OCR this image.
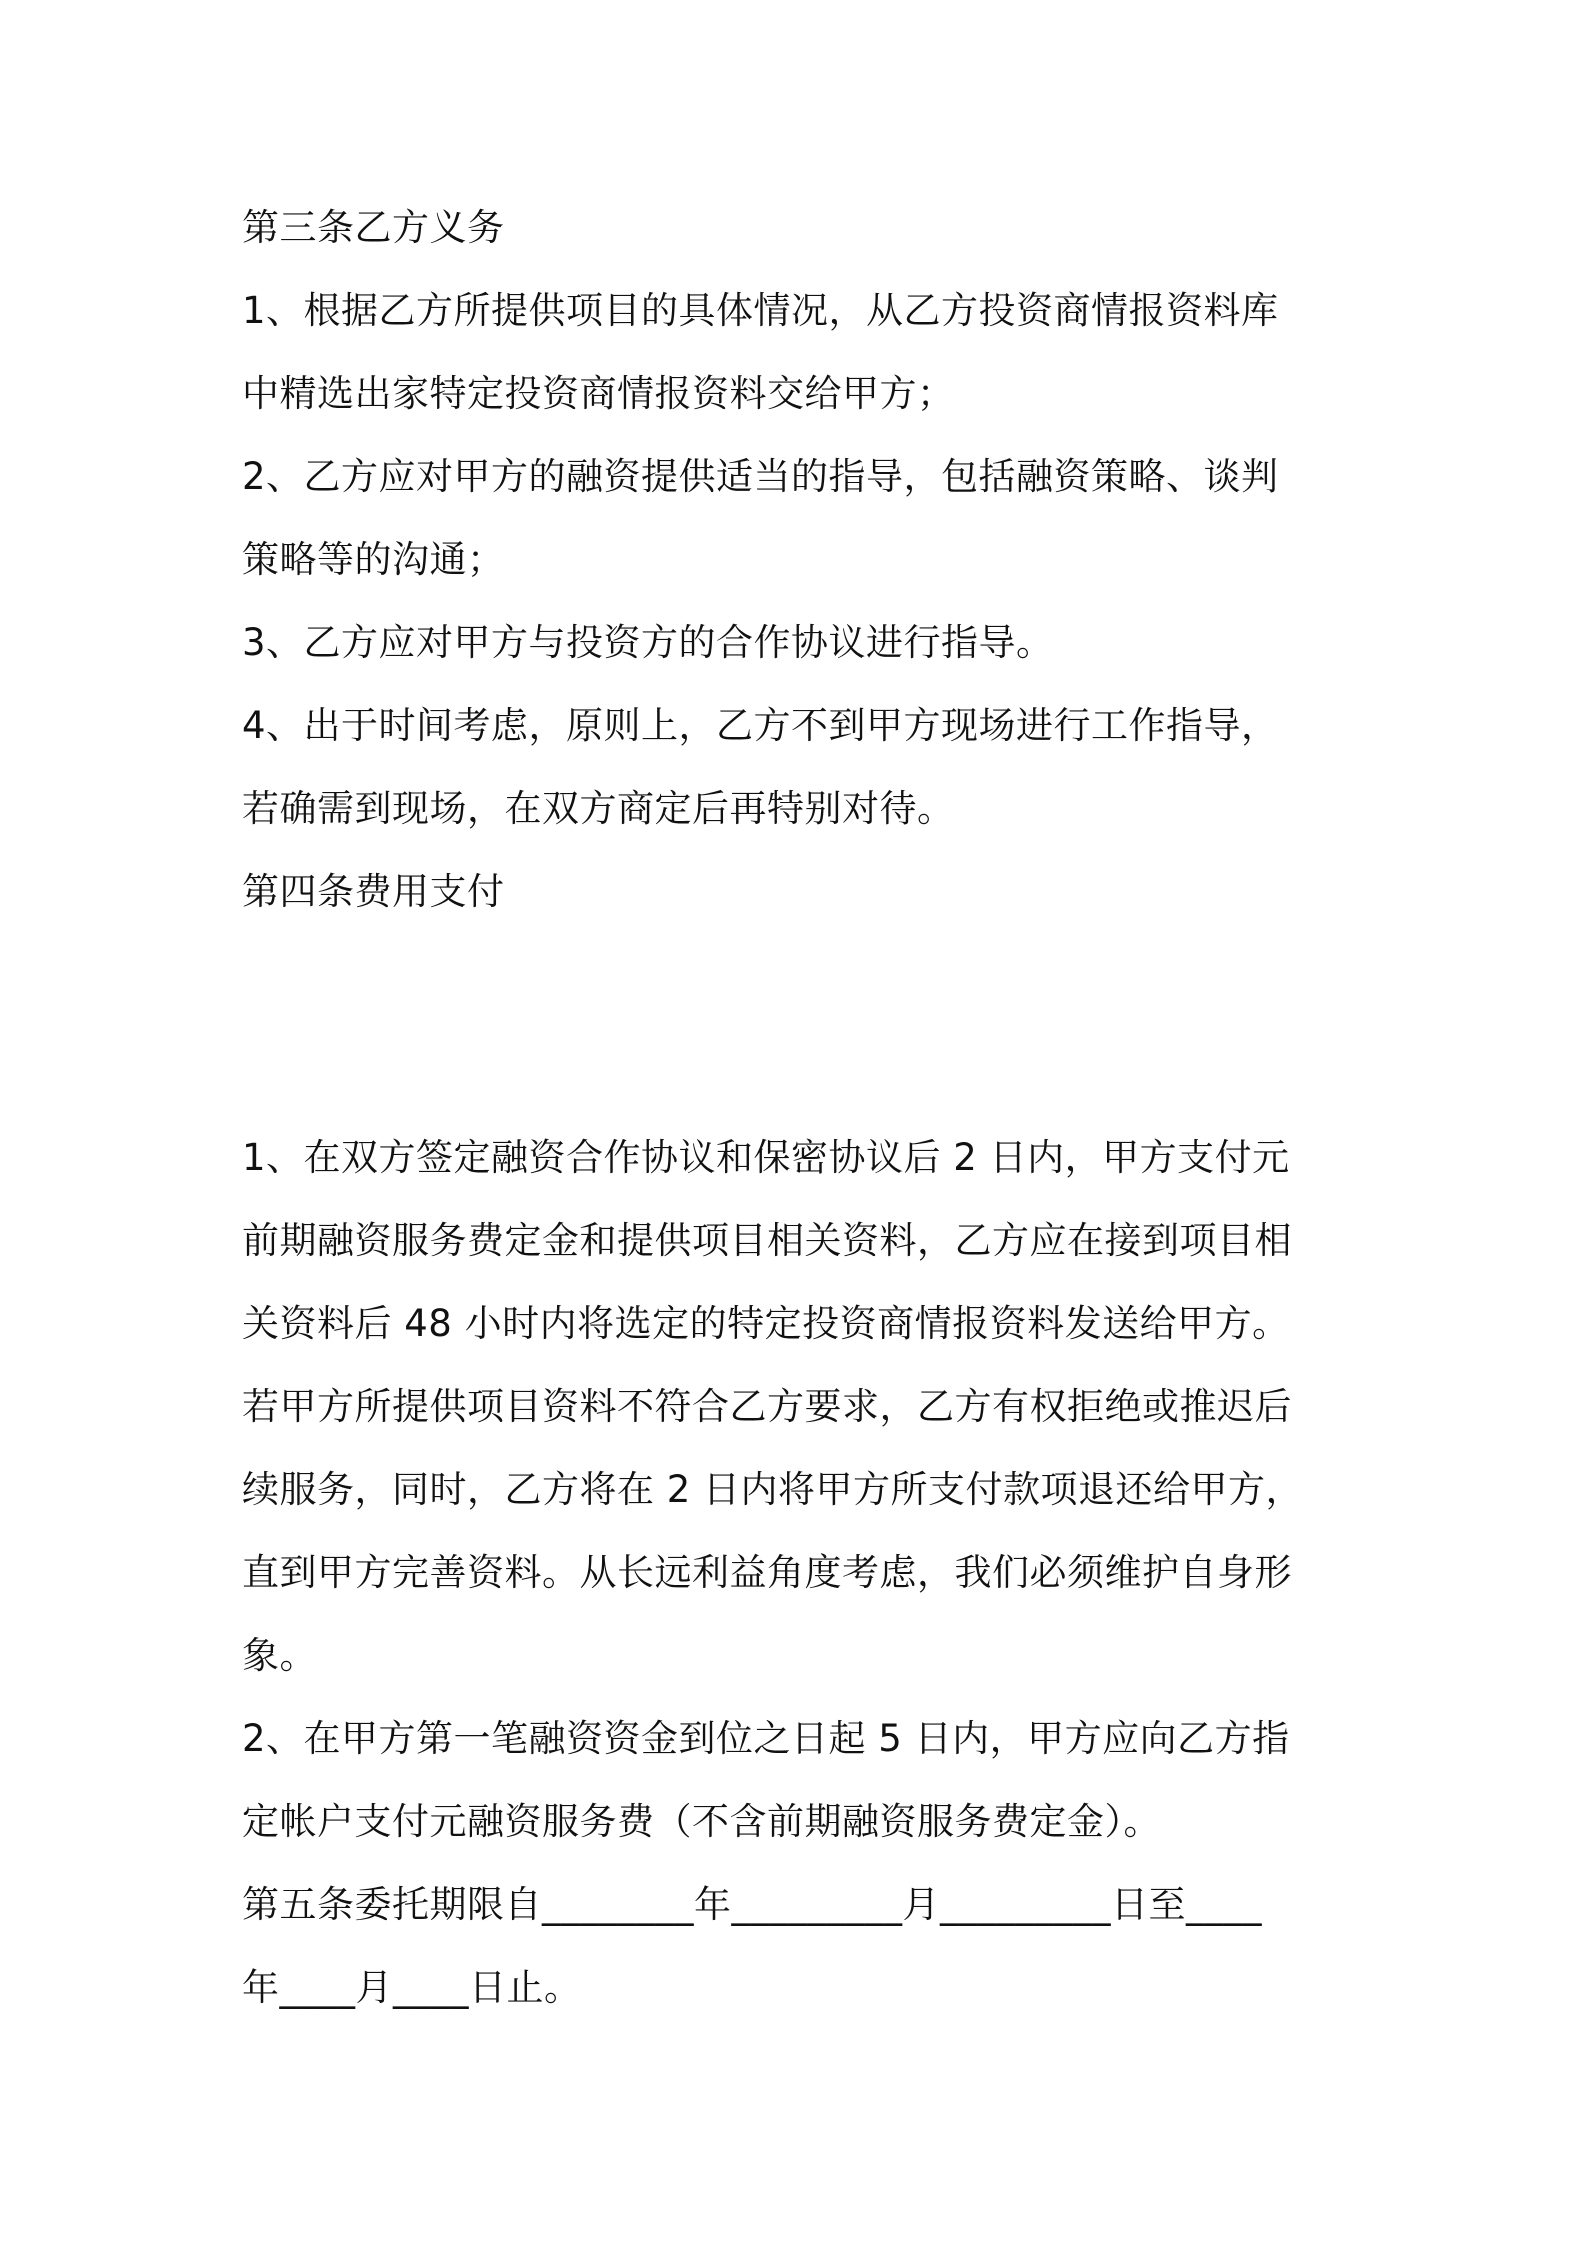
第三条乙方义务
1、根据乙方所提供项目的具体情况，从乙方投资商情报资料库
中精选出家特定投资商情报资料交给甲方；
2、乙方应对甲方的融资提供适当的指导，包括融资策略、谈判
策略等的沟通；
3、乙方应对甲方与投资方的合作协议进行指导。
4、出于时间考虑，原则上，乙方不到甲方现场进行工作指导，
若确需到现场，在双方商定后再特别对待。
第四条费用支付
1、在双方签定融资合作协议和保密协议后 2 日内，甲方支付元
前期融资服务费定金和提供项目相关资料，乙方应在接到项目相
关资料后 48 小时内将选定的特定投资商情报资料发送给甲方。
若甲方所提供项目资料不符合乙方要求，乙方有权拒绝或推迟后
续服务，同时，乙方将在 2 日内将甲方所支付款项退还给甲方，
直到甲方完善资料。从长远利益角度考虑，我们必须维护自身形
象。
2、在甲方第一笔融资资金到位之日起 5 日内，甲方应向乙方指
定帐户支付元融资服务费（不含前期融资服务费定金）。
第五条委托期限自________年_________月_________日至____
年____月____日止。
